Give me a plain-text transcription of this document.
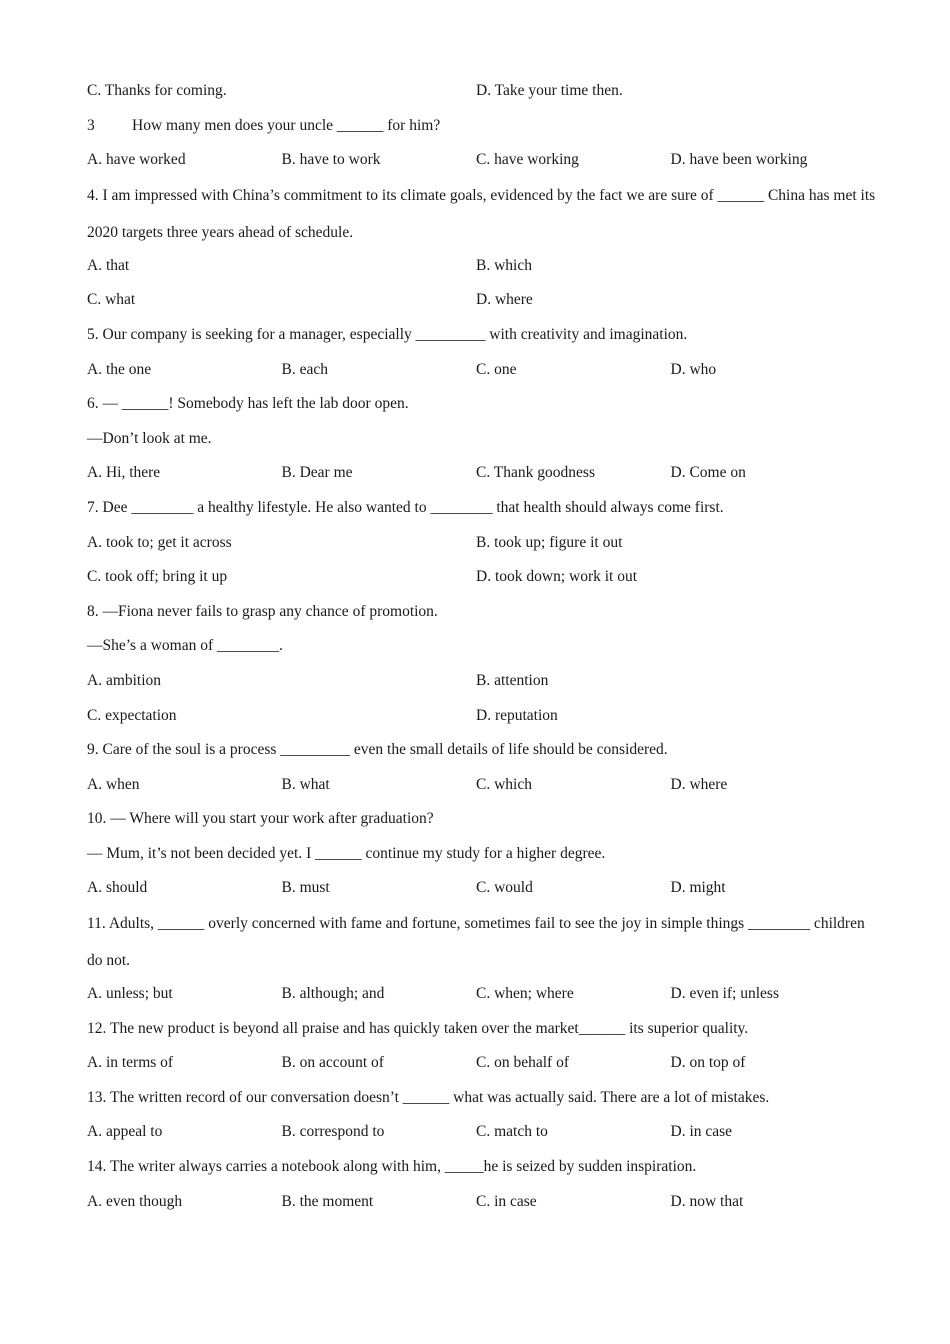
C. Thanks for coming.	D. Take your time then.
3 How many men does your uncle ______ for him?
A. have worked	B. have to work	C. have working	D. have been working
4. I am impressed with China’s commitment to its climate goals, evidenced by the fact we are sure of ______ China has met its 2020 targets three years ahead of schedule.
A. that	B. which
C. what	D. where
5. Our company is seeking for a manager, especially _________ with creativity and imagination.
A. the one	B. each	C. one	D. who
6. — ______! Somebody has left the lab door open.
—Don’t look at me.
A. Hi, there	B. Dear me	C. Thank goodness	D. Come on
7. Dee ________ a healthy lifestyle. He also wanted to ________ that health should always come first.
A. took to; get it across	B. took up; figure it out
C. took off; bring it up	D. took down; work it out
8. —Fiona never fails to grasp any chance of promotion.
—She’s a woman of ________.
A. ambition	B. attention
C. expectation	D. reputation
9. Care of the soul is a process _________ even the small details of life should be considered.
A. when	B. what	C. which	D. where
10. — Where will you start your work after graduation?
— Mum, it’s not been decided yet. I ______ continue my study for a higher degree.
A. should	B. must	C. would	D. might
11. Adults, ______ overly concerned with fame and fortune, sometimes fail to see the joy in simple things ________ children do not.
A. unless; but	B. although; and	C. when; where	D. even if; unless
12. The new product is beyond all praise and has quickly taken over the market______ its superior quality.
A. in terms of	B. on account of	C. on behalf of	D. on top of
13. The written record of our conversation doesn’t ______ what was actually said. There are a lot of mistakes.
A. appeal to	B. correspond to	C. match to	D. in case
14. The writer always carries a notebook along with him, _____he is seized by sudden inspiration.
A. even though	B. the moment	C. in case	D. now that
